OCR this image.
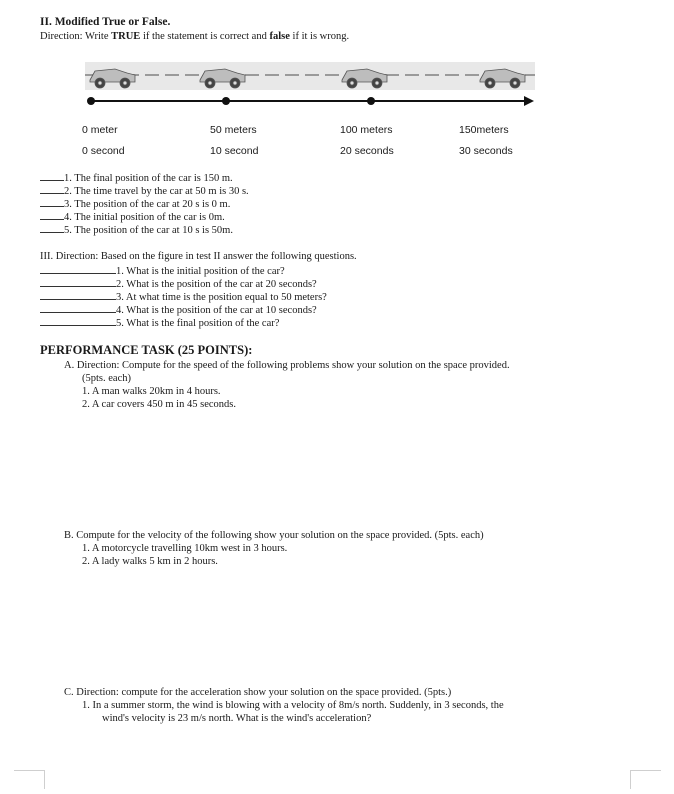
II. Modified True or False.
Direction: Write TRUE if the statement is correct and false if it is wrong.
0 meter
0 second
50 meters
10 second
100 meters
20 seconds
150meters
30 seconds
1. The final position of the car is 150 m.
2. The time travel by the car at 50 m is 30 s.
3. The position of the car at 20 s is 0 m.
4. The initial position of the car is 0m.
5. The position of the car at 10 s is 50m.
III. Direction: Based on the figure in test II answer the following questions.
1. What is the initial position of the car?
2. What is the position of the car at 20 seconds?
3. At what time is the position equal to 50 meters?
4. What is the position of the car at 10 seconds?
5. What is the final position of the car?
PERFORMANCE TASK (25 POINTS):
A. Direction: Compute for the speed of the following problems show your solution on the space provided.
(5pts. each)
1. A man walks 20km in 4 hours.
2. A car covers 450 m in 45 seconds.
B. Compute for the velocity of the following show your solution on the space provided. (5pts. each)
1. A motorcycle travelling 10km west in 3 hours.
2. A lady walks 5 km in 2 hours.
C. Direction: compute for the acceleration show your solution on the space provided. (5pts.)
1. In a summer storm, the wind is blowing with a velocity of 8m/s north. Suddenly, in 3 seconds, the
wind's velocity is 23 m/s north. What is the wind's acceleration?
